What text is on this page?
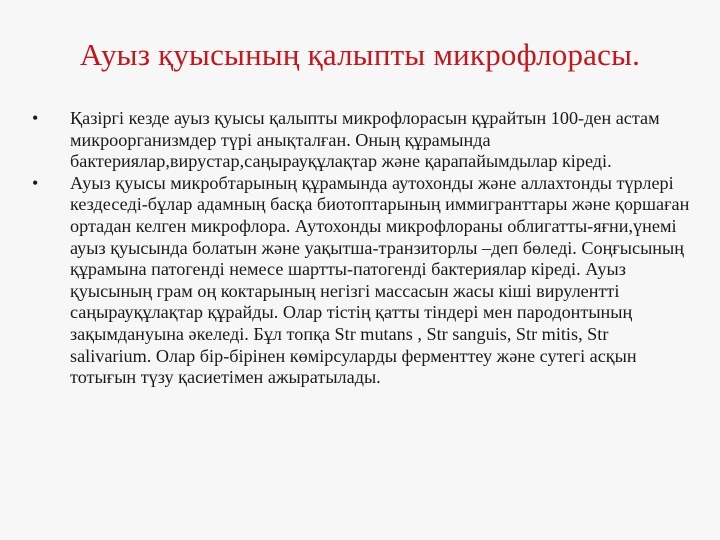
Ауыз қуысының қалыпты микрофлорасы.
•	Қазіргі кезде ауыз қуысы қалыпты микрофлорасын құрайтын 100-ден астам микроорганизмдер түрі анықталған. Оның құрамында бактериялар,вирустар,саңырауқұлақтар және қарапайымдылар кіреді.
•	Ауыз қуысы микробтарының құрамында аутохонды және аллахтонды түрлері кездеседі-бұлар адамның басқа биотоптарының иммигранттары және қоршаған ортадан келген микрофлора. Аутохонды микрофлораны облигатты-яғни,үнемі ауыз қуысында болатын және уақытша-транзиторлы –деп бөледі. Соңғысының құрамына патогенді немесе шартты-патогенді бактериялар кіреді. Ауыз қуысының грам оң коктарының негізгі массасын жасы кіші вирулентті саңырауқұлақтар құрайды. Олар тістің қатты тіндері мен пародонтының зақымдануына әкеледі. Бұл топқа Str mutans , Str sanguis, Str mitis, Str salivarium. Олар бір-бірінен көмірсуларды ферменттеу және сутегі асқын тотығын түзу қасиетімен ажыратылады.
